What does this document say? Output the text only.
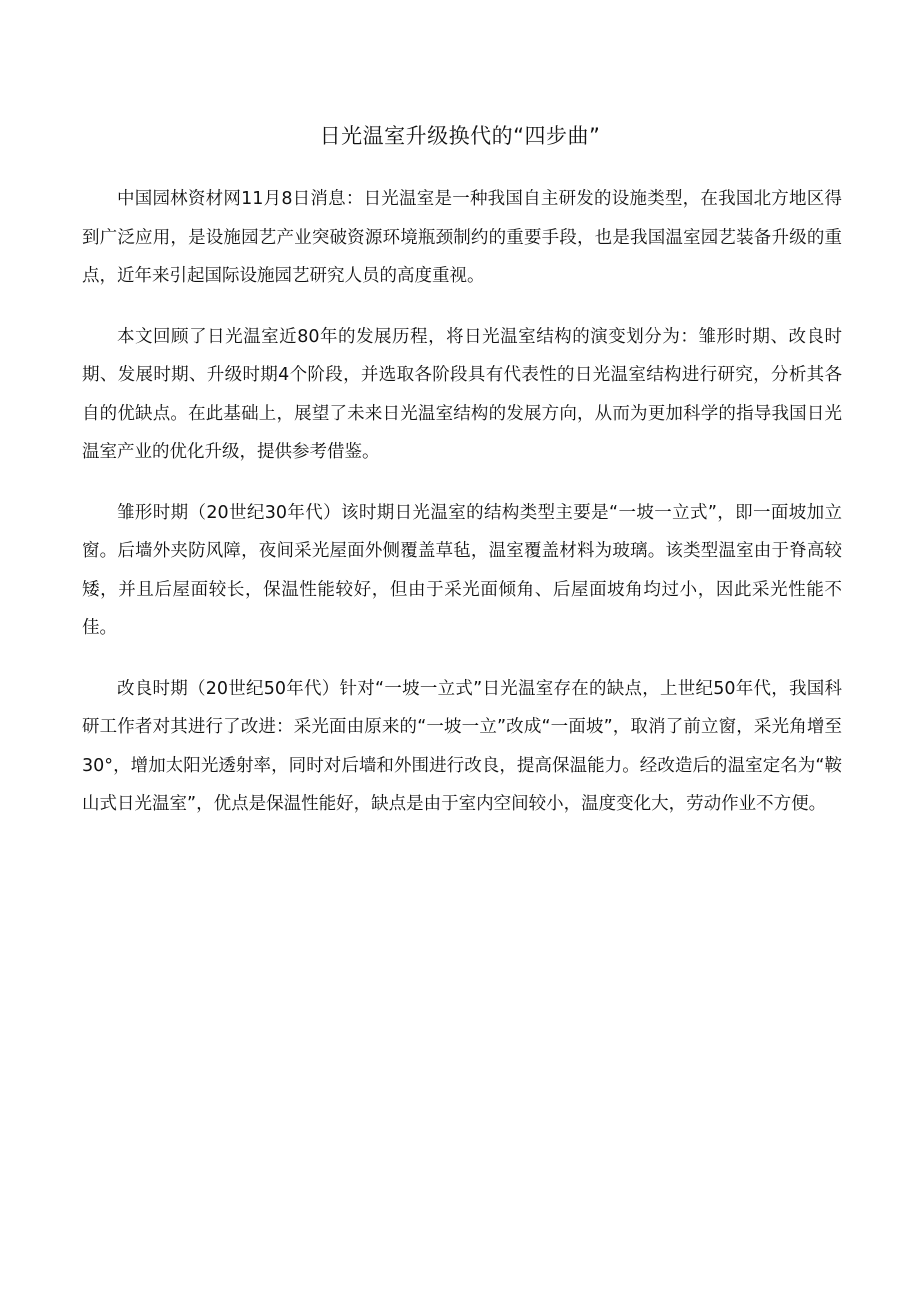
日光温室升级换代的“四步曲”

中国园林资材网11月8日消息：日光温室是一种我国自主研发的设施类型，在我国北方地区得到广泛应用，是设施园艺产业突破资源环境瓶颈制约的重要手段，也是我国温室园艺装备升级的重点，近年来引起国际设施园艺研究人员的高度重视。

本文回顾了日光温室近80年的发展历程，将日光温室结构的演变划分为：雏形时期、改良时期、发展时期、升级时期4个阶段，并选取各阶段具有代表性的日光温室结构进行研究，分析其各自的优缺点。在此基础上，展望了未来日光温室结构的发展方向，从而为更加科学的指导我国日光温室产业的优化升级，提供参考借鉴。

雏形时期（20世纪30年代）该时期日光温室的结构类型主要是“一坡一立式”，即一面坡加立窗。后墙外夹防风障，夜间采光屋面外侧覆盖草毡，温室覆盖材料为玻璃。该类型温室由于脊高较矮，并且后屋面较长，保温性能较好，但由于采光面倾角、后屋面坡角均过小，因此采光性能不佳。

改良时期（20世纪50年代）针对“一坡一立式”日光温室存在的缺点，上世纪50年代，我国科研工作者对其进行了改进：采光面由原来的“一坡一立”改成“一面坡”，取消了前立窗，采光角增至30°，增加太阳光透射率，同时对后墙和外围进行改良，提高保温能力。经改造后的温室定名为“鞍山式日光温室”，优点是保温性能好，缺点是由于室内空间较小，温度变化大，劳动作业不方便。
